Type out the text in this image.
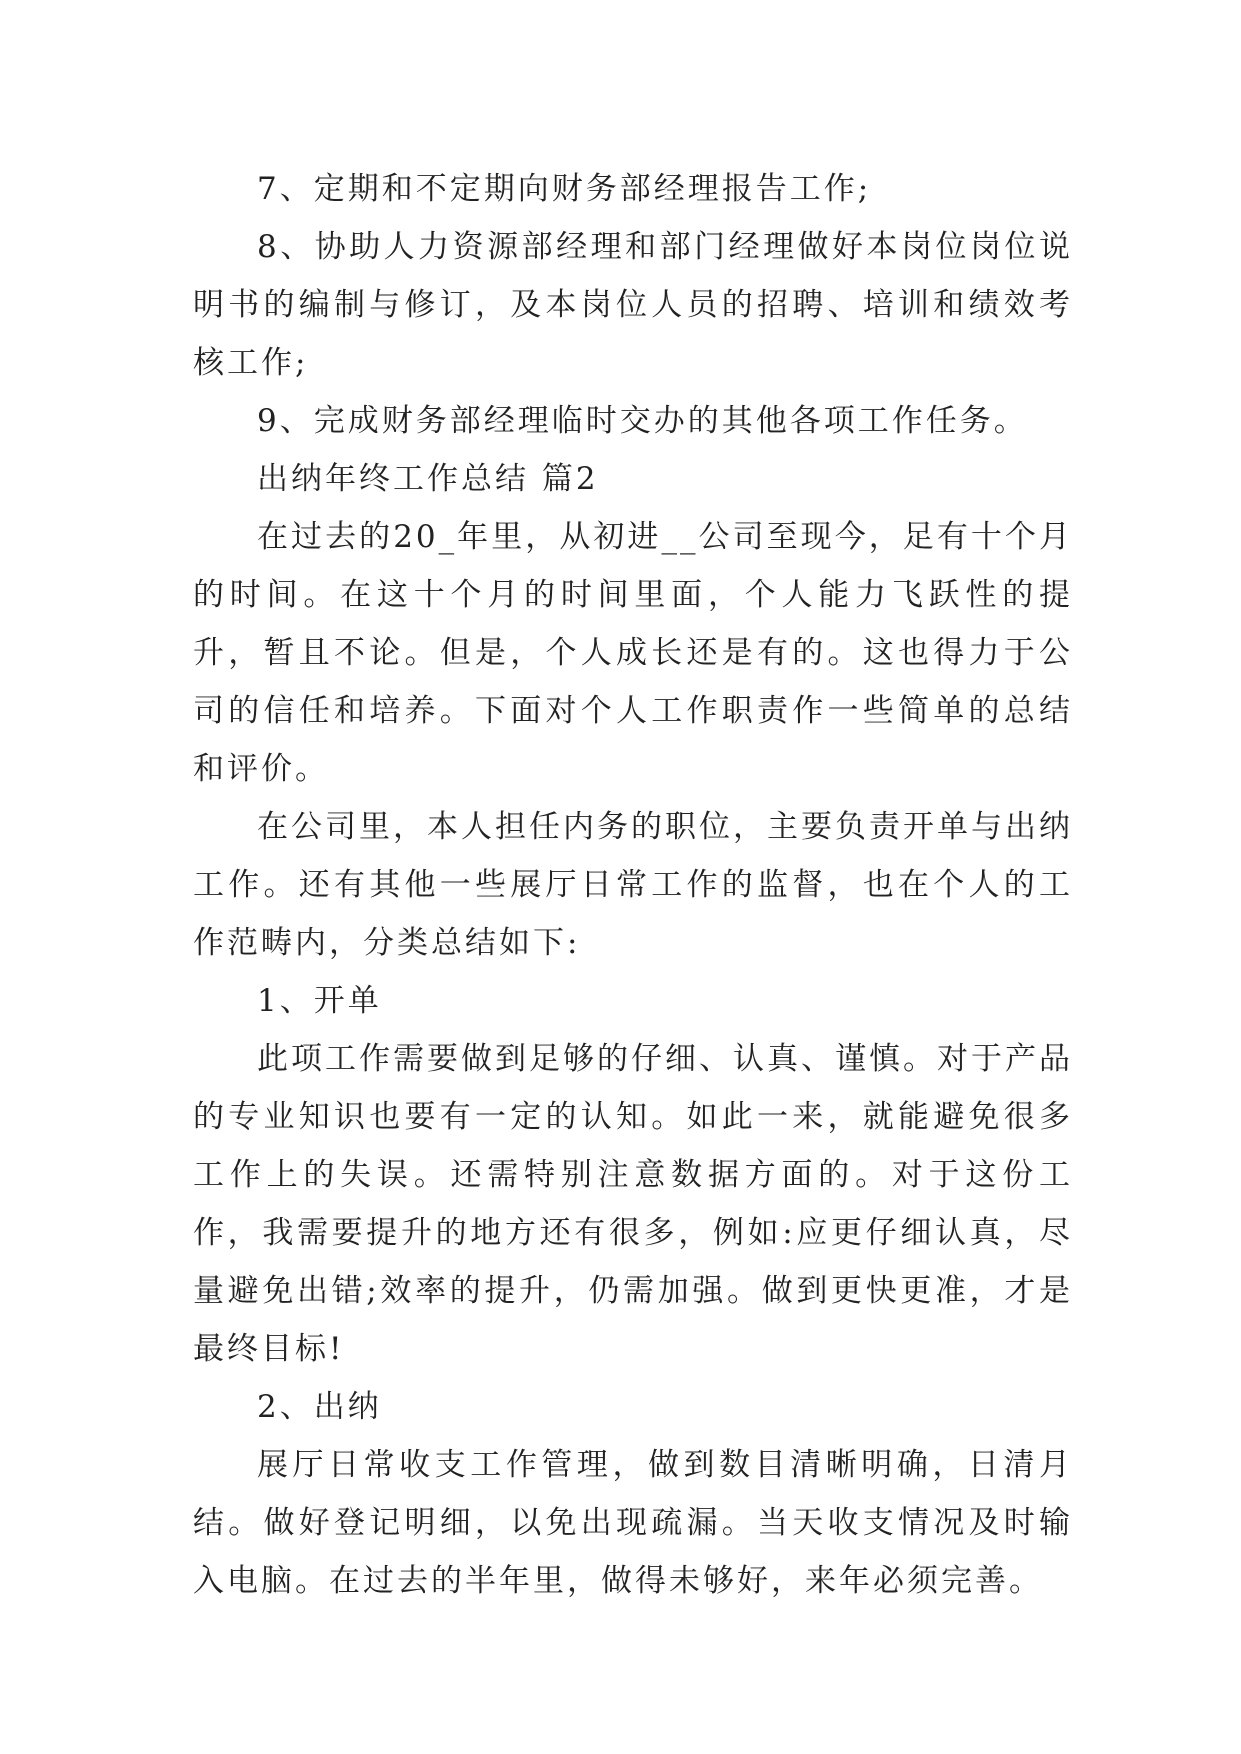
7、定期和不定期向财务部经理报告工作;

8、协助人力资源部经理和部门经理做好本岗位岗位说明书的编制与修订，及本岗位人员的招聘、培训和绩效考核工作;

9、完成财务部经理临时交办的其他各项工作任务。

出纳年终工作总结 篇2

在过去的20_年里，从初进__公司至现今，足有十个月的时间。在这十个月的时间里面，个人能力飞跃性的提升，暂且不论。但是，个人成长还是有的。这也得力于公司的信任和培养。下面对个人工作职责作一些简单的总结和评价。

在公司里，本人担任内务的职位，主要负责开单与出纳工作。还有其他一些展厅日常工作的监督，也在个人的工作范畴内，分类总结如下:

1、开单

此项工作需要做到足够的仔细、认真、谨慎。对于产品的专业知识也要有一定的认知。如此一来，就能避免很多工作上的失误。还需特别注意数据方面的。对于这份工作，我需要提升的地方还有很多，例如:应更仔细认真，尽量避免出错;效率的提升，仍需加强。做到更快更准，才是最终目标!

2、出纳

展厅日常收支工作管理，做到数目清晰明确，日清月结。做好登记明细，以免出现疏漏。当天收支情况及时输入电脑。在过去的半年里，做得未够好，来年必须完善。
